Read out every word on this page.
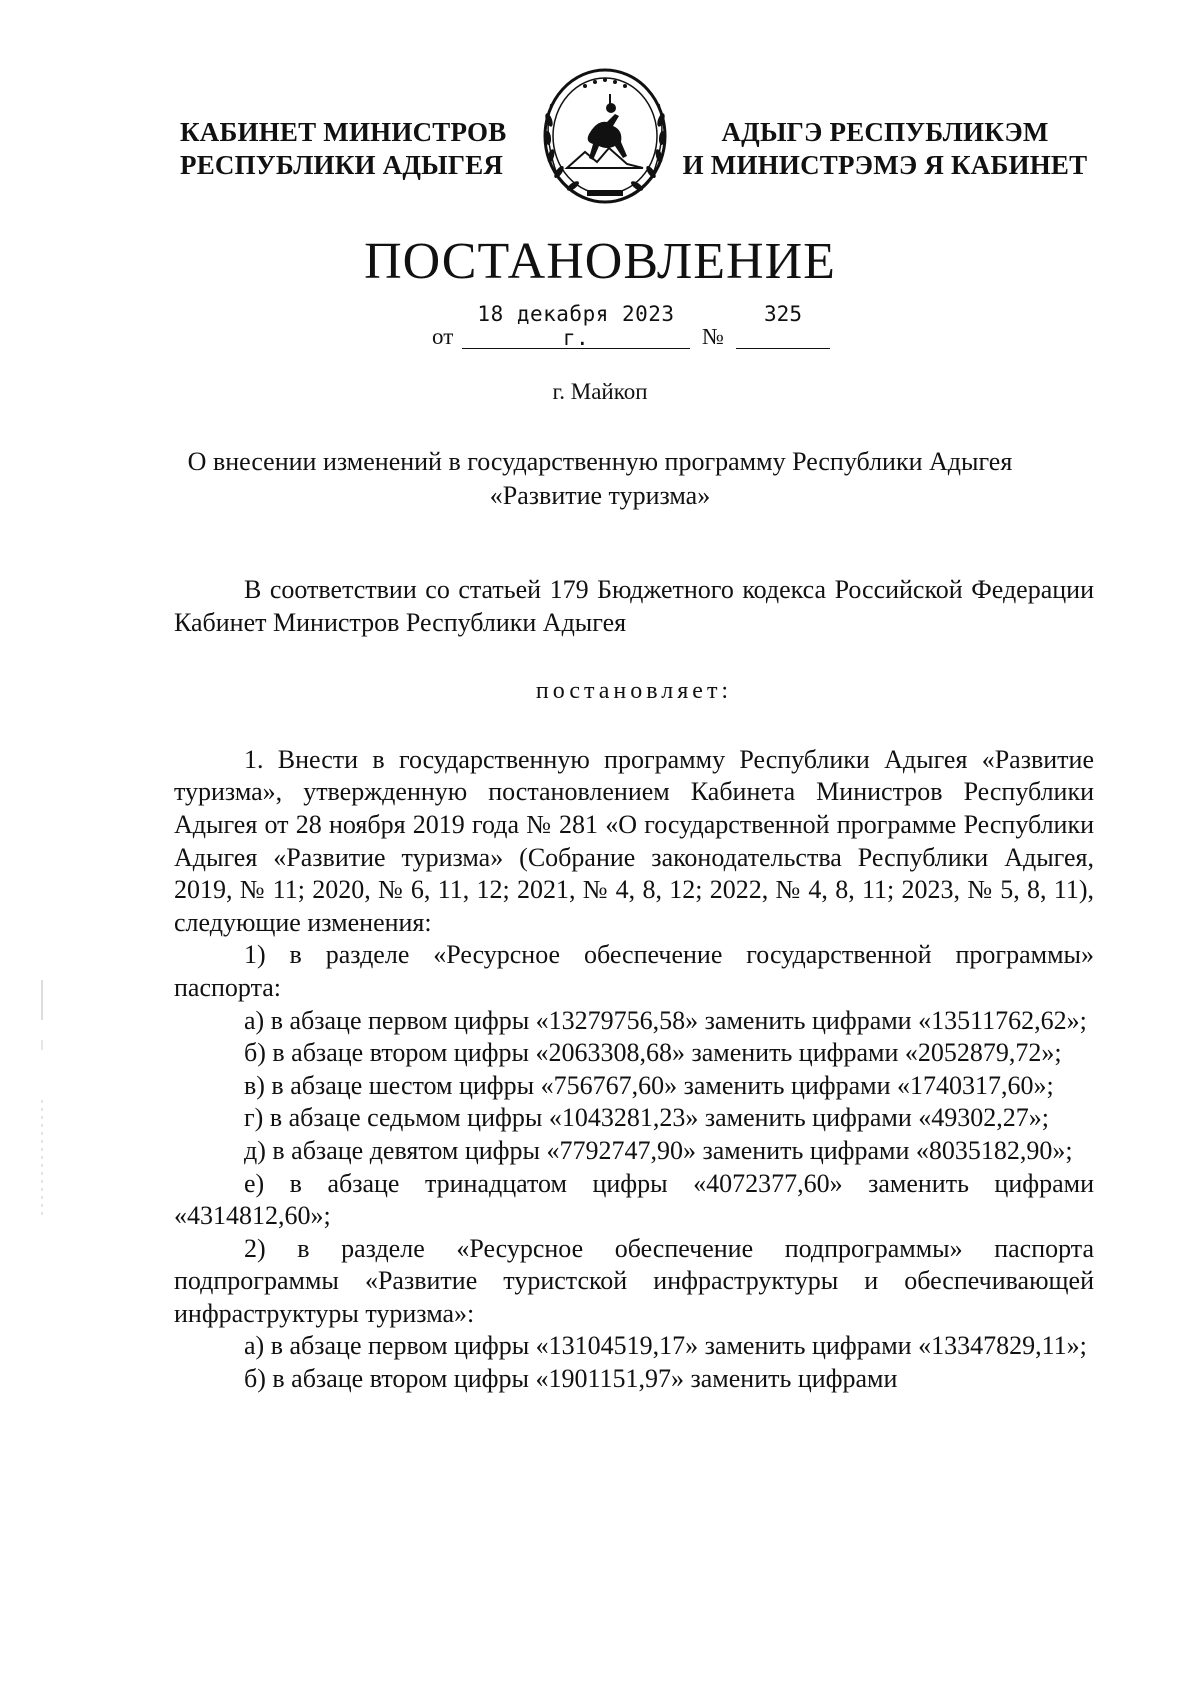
КАБИНЕТ МИНИСТРОВ
РЕСПУБЛИКИ АДЫГЕЯ
АДЫГЭ РЕСПУБЛИКЭМ
И МИНИСТРЭМЭ Я КАБИНЕТ
ПОСТАНОВЛЕНИЕ
от
18 декабря 2023 г.	№
325
г. Майкоп
О внесении изменений в государственную программу Республики Адыгея
«Развитие туризма»

В соответствии со статьей 179 Бюджетного кодекса Российской Федерации Кабинет Министров Республики Адыгея

постановляет:

1. Внести в государственную программу Республики Адыгея «Развитие туризма», утвержденную постановлением Кабинета Министров Республики Адыгея от 28 ноября 2019 года № 281 «О государственной программе Республики Адыгея «Развитие туризма» (Собрание законодательства Республики Адыгея, 2019, № 11; 2020, № 6, 11, 12; 2021, № 4, 8, 12; 2022, № 4, 8, 11; 2023, № 5, 8, 11), следующие изменения:

1) в разделе «Ресурсное обеспечение государственной программы» паспорта:

а) в абзаце первом цифры «13279756,58» заменить цифрами «13511762,62»;

б) в абзаце втором цифры «2063308,68» заменить цифрами «2052879,72»;

в) в абзаце шестом цифры «756767,60» заменить цифрами «1740317,60»;

г) в абзаце седьмом цифры «1043281,23» заменить цифрами «49302,27»;

д) в абзаце девятом цифры «7792747,90» заменить цифрами «8035182,90»;

е) в абзаце тринадцатом цифры «4072377,60» заменить цифрами «4314812,60»;

2) в разделе «Ресурсное обеспечение подпрограммы» паспорта подпрограммы «Развитие туристской инфраструктуры и обеспечивающей инфраструктуры туризма»:

а) в абзаце первом цифры «13104519,17» заменить цифрами «13347829,11»;

б) в абзаце втором цифры «1901151,97» заменить цифрами
